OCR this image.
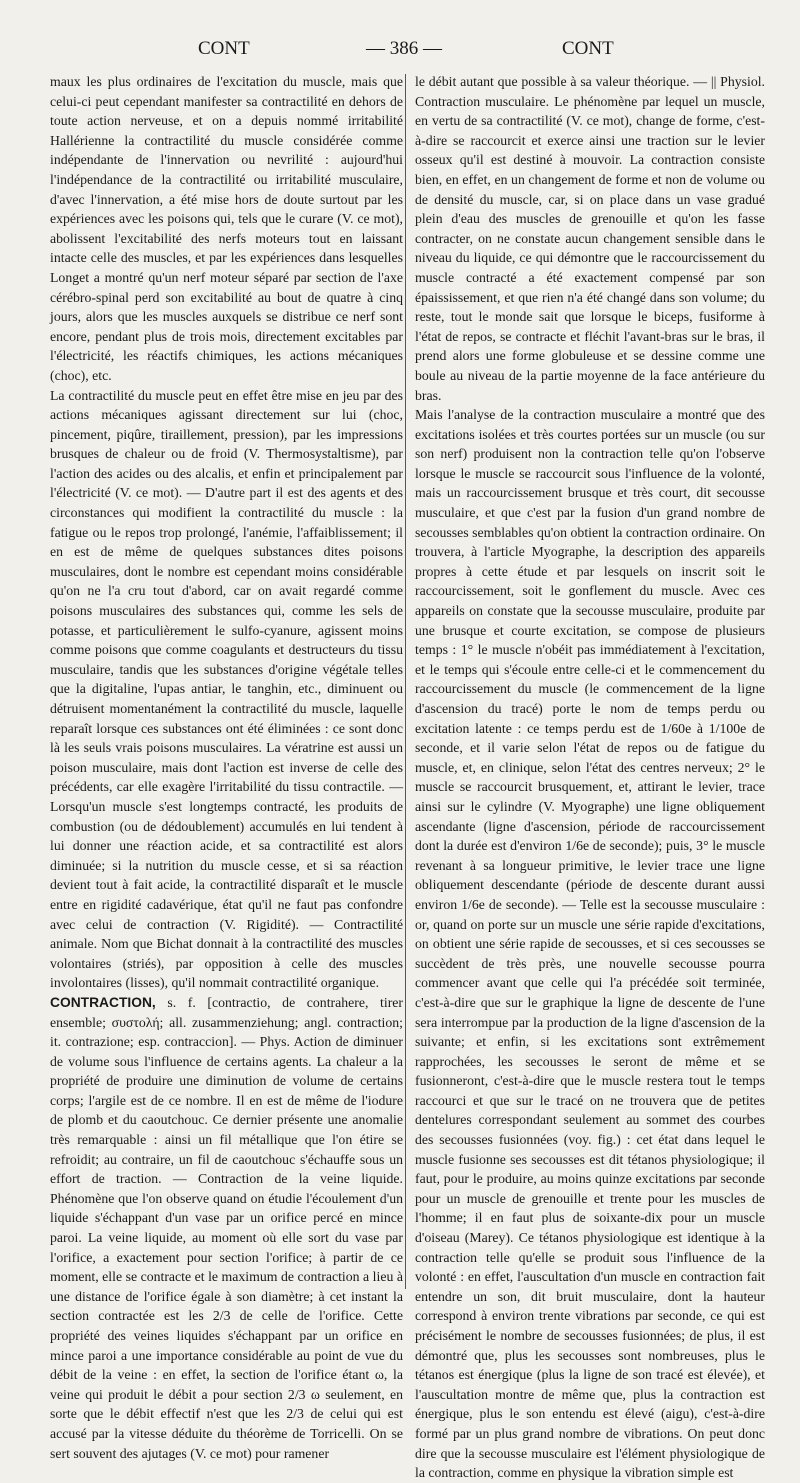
CONT	— 386 —	CONT

maux les plus ordinaires de l'excitation du muscle, mais que celui-ci peut cependant manifester sa contractilité en dehors de toute action nerveuse, et on a depuis nommé irritabilité Hallérienne la contractilité du muscle considérée comme indépendante de l'innervation ou nevrilité : aujourd'hui l'indépendance de la contractilité ou irritabilité musculaire, d'avec l'innervation, a été mise hors de doute surtout par les expériences avec les poisons qui, tels que le curare (V. ce mot), abolissent l'excitabilité des nerfs moteurs tout en laissant intacte celle des muscles, et par les expériences dans lesquelles Longet a montré qu'un nerf moteur séparé par section de l'axe cérébro-spinal perd son excitabilité au bout de quatre à cinq jours, alors que les muscles auxquels se distribue ce nerf sont encore, pendant plus de trois mois, directement excitables par l'électricité, les réactifs chimiques, les actions mécaniques (choc), etc.

La contractilité du muscle peut en effet être mise en jeu par des actions mécaniques agissant directement sur lui (choc, pincement, piqûre, tiraillement, pression), par les impressions brusques de chaleur ou de froid (V. Thermosystaltisme), par l'action des acides ou des alcalis, et enfin et principalement par l'électricité (V. ce mot). — D'autre part il est des agents et des circonstances qui modifient la contractilité du muscle : la fatigue ou le repos trop prolongé, l'anémie, l'affaiblissement; il en est de même de quelques substances dites poisons musculaires, dont le nombre est cependant moins considérable qu'on ne l'a cru tout d'abord, car on avait regardé comme poisons musculaires des substances qui, comme les sels de potasse, et particulièrement le sulfo-cyanure, agissent moins comme poisons que comme coagulants et destructeurs du tissu musculaire, tandis que les substances d'origine végétale telles que la digitaline, l'upas antiar, le tanghin, etc., diminuent ou détruisent momentanément la contractilité du muscle, laquelle reparaît lorsque ces substances ont été éliminées : ce sont donc là les seuls vrais poisons musculaires. La vératrine est aussi un poison musculaire, mais dont l'action est inverse de celle des précédents, car elle exagère l'irritabilité du tissu contractile. — Lorsqu'un muscle s'est longtemps contracté, les produits de combustion (ou de dédoublement) accumulés en lui tendent à lui donner une réaction acide, et sa contractilité est alors diminuée; si la nutrition du muscle cesse, et si sa réaction devient tout à fait acide, la contractilité disparaît et le muscle entre en rigidité cadavérique, état qu'il ne faut pas confondre avec celui de contraction (V. Rigidité). — Contractilité animale. Nom que Bichat donnait à la contractilité des muscles volontaires (striés), par opposition à celle des muscles involontaires (lisses), qu'il nommait contractilité organique.

CONTRACTION, s. f. [contractio, de contrahere, tirer ensemble; συστολή; all. zusammenziehung; angl. contraction; it. contrazione; esp. contraccion]. — Phys. Action de diminuer de volume sous l'influence de certains agents. La chaleur a la propriété de produire une diminution de volume de certains corps; l'argile est de ce nombre. Il en est de même de l'iodure de plomb et du caoutchouc. Ce dernier présente une anomalie très remarquable : ainsi un fil métallique que l'on étire se refroidit; au contraire, un fil de caoutchouc s'échauffe sous un effort de traction. — Contraction de la veine liquide. Phénomène que l'on observe quand on étudie l'écoulement d'un liquide s'échappant d'un vase par un orifice percé en mince paroi. La veine liquide, au moment où elle sort du vase par l'orifice, a exactement pour section l'orifice; à partir de ce moment, elle se contracte et le maximum de contraction a lieu à une distance de l'orifice égale à son diamètre; à cet instant la section contractée est les 2/3 de celle de l'orifice. Cette propriété des veines liquides s'échappant par un orifice en mince paroi a une importance considérable au point de vue du débit de la veine : en effet, la section de l'orifice étant ω, la veine qui produit le débit a pour section 2/3 ω seulement, en sorte que le débit effectif n'est que les 2/3 de celui qui est accusé par la vitesse déduite du théorème de Torricelli. On se sert souvent des ajutages (V. ce mot) pour ramener

le débit autant que possible à sa valeur théorique. — || Physiol. Contraction musculaire. Le phénomène par lequel un muscle, en vertu de sa contractilité (V. ce mot), change de forme, c'est-à-dire se raccourcit et exerce ainsi une traction sur le levier osseux qu'il est destiné à mouvoir. La contraction consiste bien, en effet, en un changement de forme et non de volume ou de densité du muscle, car, si on place dans un vase gradué plein d'eau des muscles de grenouille et qu'on les fasse contracter, on ne constate aucun changement sensible dans le niveau du liquide, ce qui démontre que le raccourcissement du muscle contracté a été exactement compensé par son épaississement, et que rien n'a été changé dans son volume; du reste, tout le monde sait que lorsque le biceps, fusiforme à l'état de repos, se contracte et fléchit l'avant-bras sur le bras, il prend alors une forme globuleuse et se dessine comme une boule au niveau de la partie moyenne de la face antérieure du bras.

Mais l'analyse de la contraction musculaire a montré que des excitations isolées et très courtes portées sur un muscle (ou sur son nerf) produisent non la contraction telle qu'on l'observe lorsque le muscle se raccourcit sous l'influence de la volonté, mais un raccourcissement brusque et très court, dit secousse musculaire, et que c'est par la fusion d'un grand nombre de secousses semblables qu'on obtient la contraction ordinaire. On trouvera, à l'article Myographe, la description des appareils propres à cette étude et par lesquels on inscrit soit le raccourcissement, soit le gonflement du muscle. Avec ces appareils on constate que la secousse musculaire, produite par une brusque et courte excitation, se compose de plusieurs temps : 1° le muscle n'obéit pas immédiatement à l'excitation, et le temps qui s'écoule entre celle-ci et le commencement du raccourcissement du muscle (le commencement de la ligne d'ascension du tracé) porte le nom de temps perdu ou excitation latente : ce temps perdu est de 1/60e à 1/100e de seconde, et il varie selon l'état de repos ou de fatigue du muscle, et, en clinique, selon l'état des centres nerveux; 2° le muscle se raccourcit brusquement, et, attirant le levier, trace ainsi sur le cylindre (V. Myographe) une ligne obliquement ascendante (ligne d'ascension, période de raccourcissement dont la durée est d'environ 1/6e de seconde); puis, 3° le muscle revenant à sa longueur primitive, le levier trace une ligne obliquement descendante (période de descente durant aussi environ 1/6e de seconde). — Telle est la secousse musculaire : or, quand on porte sur un muscle une série rapide d'excitations, on obtient une série rapide de secousses, et si ces secousses se succèdent de très près, une nouvelle secousse pourra commencer avant que celle qui l'a précédée soit terminée, c'est-à-dire que sur le graphique la ligne de descente de l'une sera interrompue par la production de la ligne d'ascension de la suivante; et enfin, si les excitations sont extrêmement rapprochées, les secousses le seront de même et se fusionneront, c'est-à-dire que le muscle restera tout le temps raccourci et que sur le tracé on ne trouvera que de petites dentelures correspondant seulement au sommet des courbes des secousses fusionnées (voy. fig.) : cet état dans lequel le muscle fusionne ses secousses est dit tétanos physiologique; il faut, pour le produire, au moins quinze excitations par seconde pour un muscle de grenouille et trente pour les muscles de l'homme; il en faut plus de soixante-dix pour un muscle d'oiseau (Marey). Ce tétanos physiologique est identique à la contraction telle qu'elle se produit sous l'influence de la volonté : en effet, l'auscultation d'un muscle en contraction fait entendre un son, dit bruit musculaire, dont la hauteur correspond à environ trente vibrations par seconde, ce qui est précisément le nombre de secousses fusionnées; de plus, il est démontré que, plus les secousses sont nombreuses, plus le tétanos est énergique (plus la ligne de son tracé est élevée), et l'auscultation montre de même que, plus la contraction est énergique, plus le son entendu est élevé (aigu), c'est-à-dire formé par un plus grand nombre de vibrations. On peut donc dire que la secousse musculaire est l'élément physiologique de la contraction, comme en physique la vibration simple est
